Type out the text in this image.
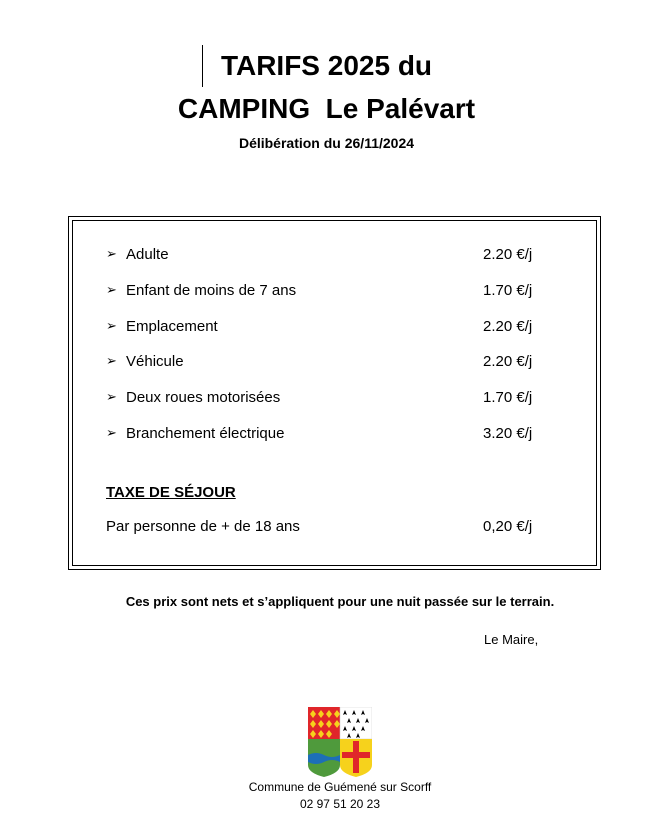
TARIFS 2025 du
CAMPING  Le Palévart
Délibération du 26/11/2024
➢ Adulte	2.20 €/j
➢ Enfant de moins de 7 ans	1.70 €/j
➢ Emplacement	2.20 €/j
➢ Véhicule	2.20 €/j
➢ Deux roues motorisées	1.70 €/j
➢ Branchement électrique	3.20 €/j
TAXE DE SÉJOUR
Par personne de + de 18 ans	0,20 €/j
Ces prix sont nets et s’appliquent pour une nuit passée sur le terrain.
Le Maire,
Commune de Guémené sur Scorff
02 97 51 20 23
